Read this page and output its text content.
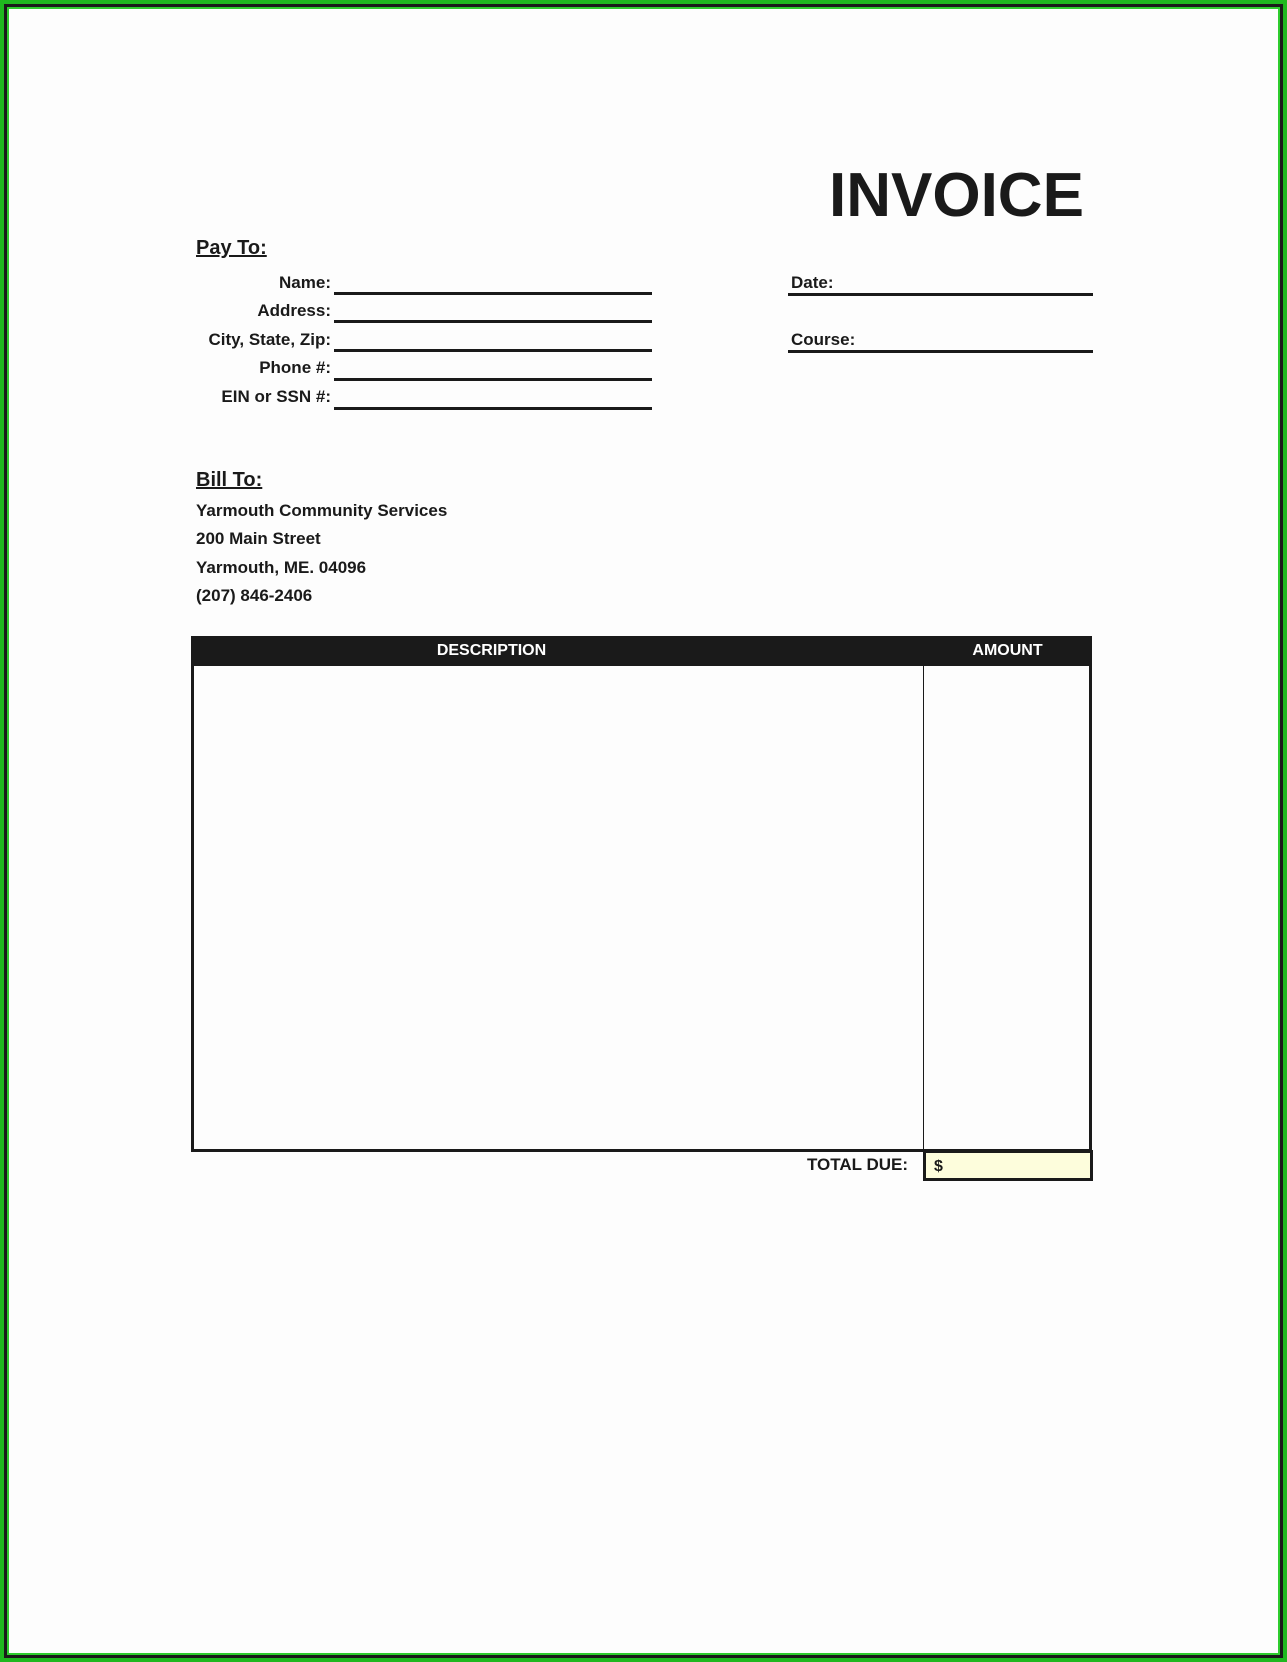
INVOICE
Pay To:
Name:
Address:
City, State, Zip:
Phone #:
EIN or SSN #:
Date:
Course:
Bill To:
Yarmouth Community Services
200 Main Street
Yarmouth, ME. 04096
(207) 846-2406
DESCRIPTION	AMOUNT
TOTAL DUE:	$
